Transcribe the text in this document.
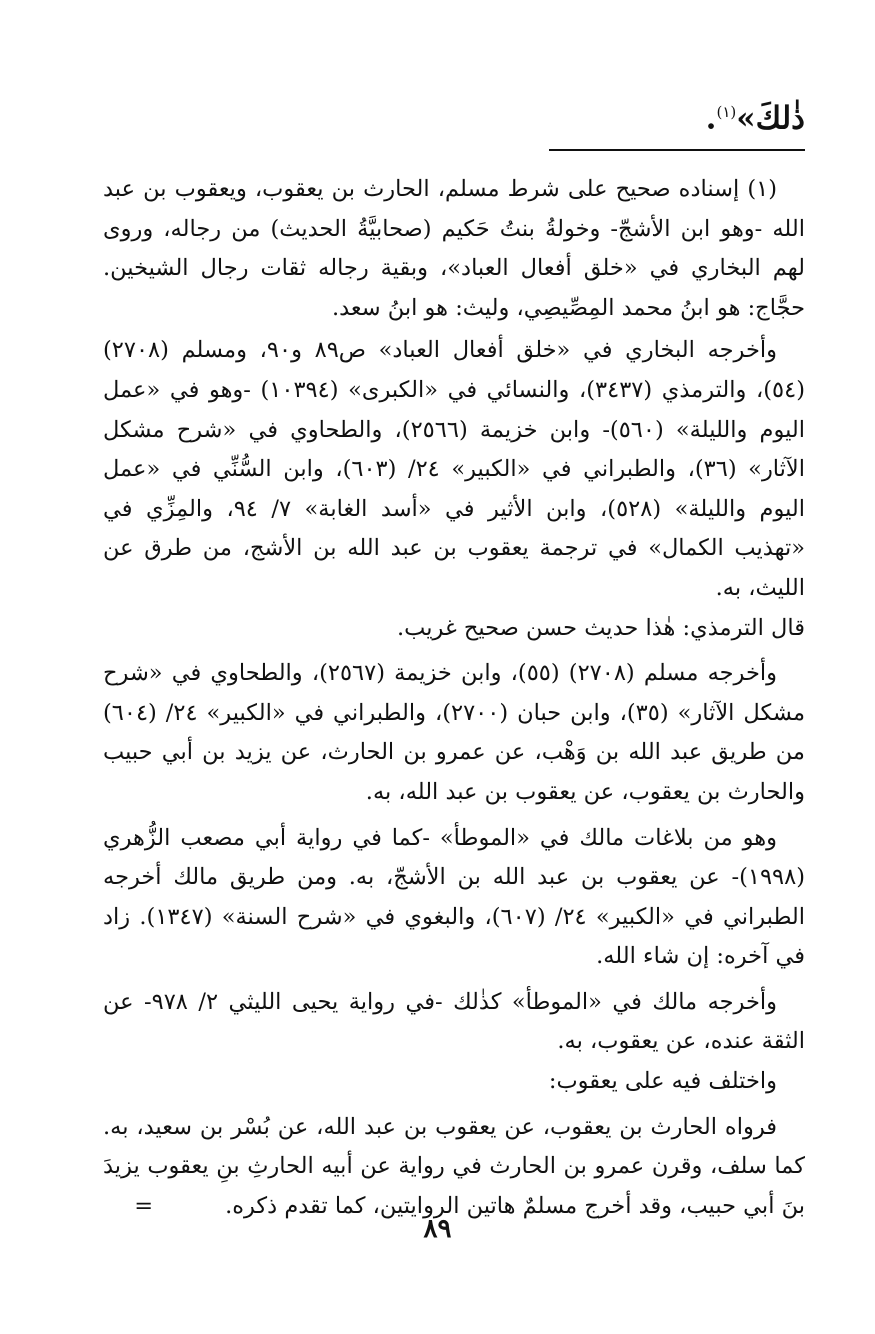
ذٰلكَ»$^{(١)}$.

(١) إسناده صحيح على شرط مسلم، الحارث بن يعقوب، ويعقوب بن عبد الله -وهو ابن الأشجّ- وخولةُ بنتُ حَكيم (صحابيَّةُ الحديث) من رجاله، وروى لهم البخاري في «خلق أفعال العباد»، وبقية رجاله ثقات رجال الشيخين. حجَّاج: هو ابنُ محمد المِصِّيصِي، وليث: هو ابنُ سعد.

وأخرجه البخاري في «خلق أفعال العباد» ص٨٩ و٩٠، ومسلم (٢٧٠٨) (٥٤)، والترمذي (٣٤٣٧)، والنسائي في «الكبرى» (١٠٣٩٤) -وهو في «عمل اليوم والليلة» (٥٦٠)- وابن خزيمة (٢٥٦٦)، والطحاوي في «شرح مشكل الآثار» (٣٦)، والطبراني في «الكبير» ٢٤/ (٦٠٣)، وابن السُّنِّي في «عمل اليوم والليلة» (٥٢٨)، وابن الأثير في «أسد الغابة» ٧/ ٩٤، والمِزِّي في «تهذيب الكمال» في ترجمة يعقوب بن عبد الله بن الأشج، من طرق عن الليث، به.

قال الترمذي: هٰذا حديث حسن صحيح غريب.

وأخرجه مسلم (٢٧٠٨) (٥٥)، وابن خزيمة (٢٥٦٧)، والطحاوي في «شرح مشكل الآثار» (٣٥)، وابن حبان (٢٧٠٠)، والطبراني في «الكبير» ٢٤/ (٦٠٤) من طريق عبد الله بن وَهْب، عن عمرو بن الحارث، عن يزيد بن أبي حبيب والحارث بن يعقوب، عن يعقوب بن عبد الله، به.

وهو من بلاغات مالك في «الموطأ» -كما في رواية أبي مصعب الزُّهري (١٩٩٨)- عن يعقوب بن عبد الله بن الأشجّ، به. ومن طريق مالك أخرجه الطبراني في «الكبير» ٢٤/ (٦٠٧)، والبغوي في «شرح السنة» (١٣٤٧). زاد في آخره: إن شاء الله.

وأخرجه مالك في «الموطأ» كذٰلك -في رواية يحيى الليثي ٢/ ٩٧٨- عن الثقة عنده، عن يعقوب، به.

واختلف فيه على يعقوب:

فرواه الحارث بن يعقوب، عن يعقوب بن عبد الله، عن بُسْر بن سعيد، به. كما سلف، وقرن عمرو بن الحارث في رواية عن أبيه الحارثِ بنِ يعقوب يزيدَ بنَ أبي حبيب، وقد أخرج مسلمٌ هاتين الروايتين، كما تقدم ذكره.=

٨٩
